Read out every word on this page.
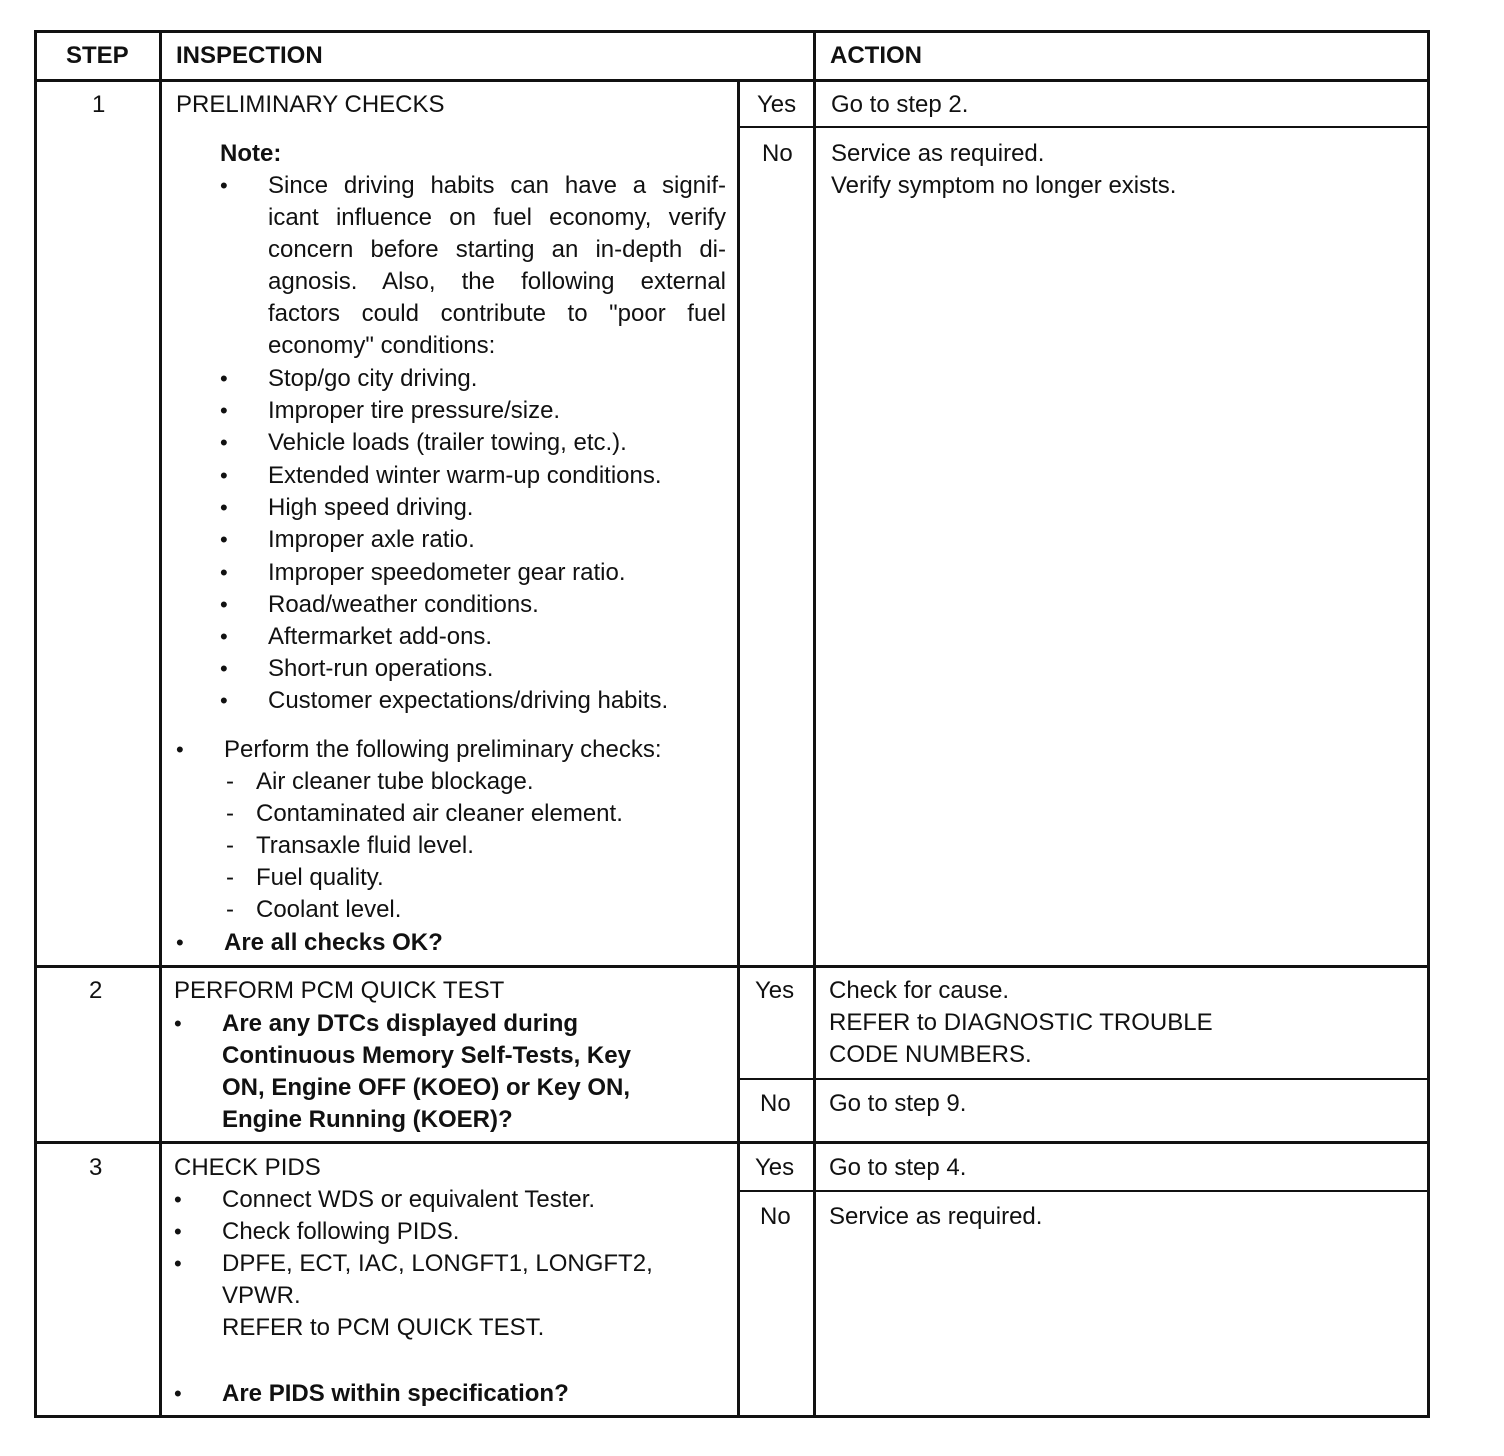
STEP INSPECTION	ACTION
1	PRELIMINARY CHECKS
Note:
• Since driving habits can have a signif-
icant influence on fuel economy, verify
concern before starting an in-depth di-
agnosis. Also, the following external
factors could contribute to "poor fuel
economy" conditions:
• Stop/go city driving.
• Improper tire pressure/size.
• Vehicle loads (trailer towing, etc.).
• Extended winter warm-up conditions.
• High speed driving.
• Improper axle ratio.
• Improper speedometer gear ratio.
• Road/weather conditions.
• Aftermarket add-ons.
• Short-run operations.
• Customer expectations/driving habits.
• Perform the following preliminary checks:
- Air cleaner tube blockage.
- Contaminated air cleaner element.
- Transaxle fluid level.
- Fuel quality.
- Coolant level.
• Are all checks OK?
Yes Go to step 2.
No Service as required.
Verify symptom no longer exists.
2	PERFORM PCM QUICK TEST
• Are any DTCs displayed during
Continuous Memory Self-Tests, Key
ON, Engine OFF (KOEO) or Key ON,
Engine Running (KOER)?
Yes Check for cause.
REFER to DIAGNOSTIC TROUBLE
CODE NUMBERS.
No Go to step 9.
3	CHECK PIDS
• Connect WDS or equivalent Tester.
• Check following PIDS.
• DPFE, ECT, IAC, LONGFT1, LONGFT2,
VPWR.
REFER to PCM QUICK TEST.
• Are PIDS within specification?
Yes Go to step 4.
No Service as required.
